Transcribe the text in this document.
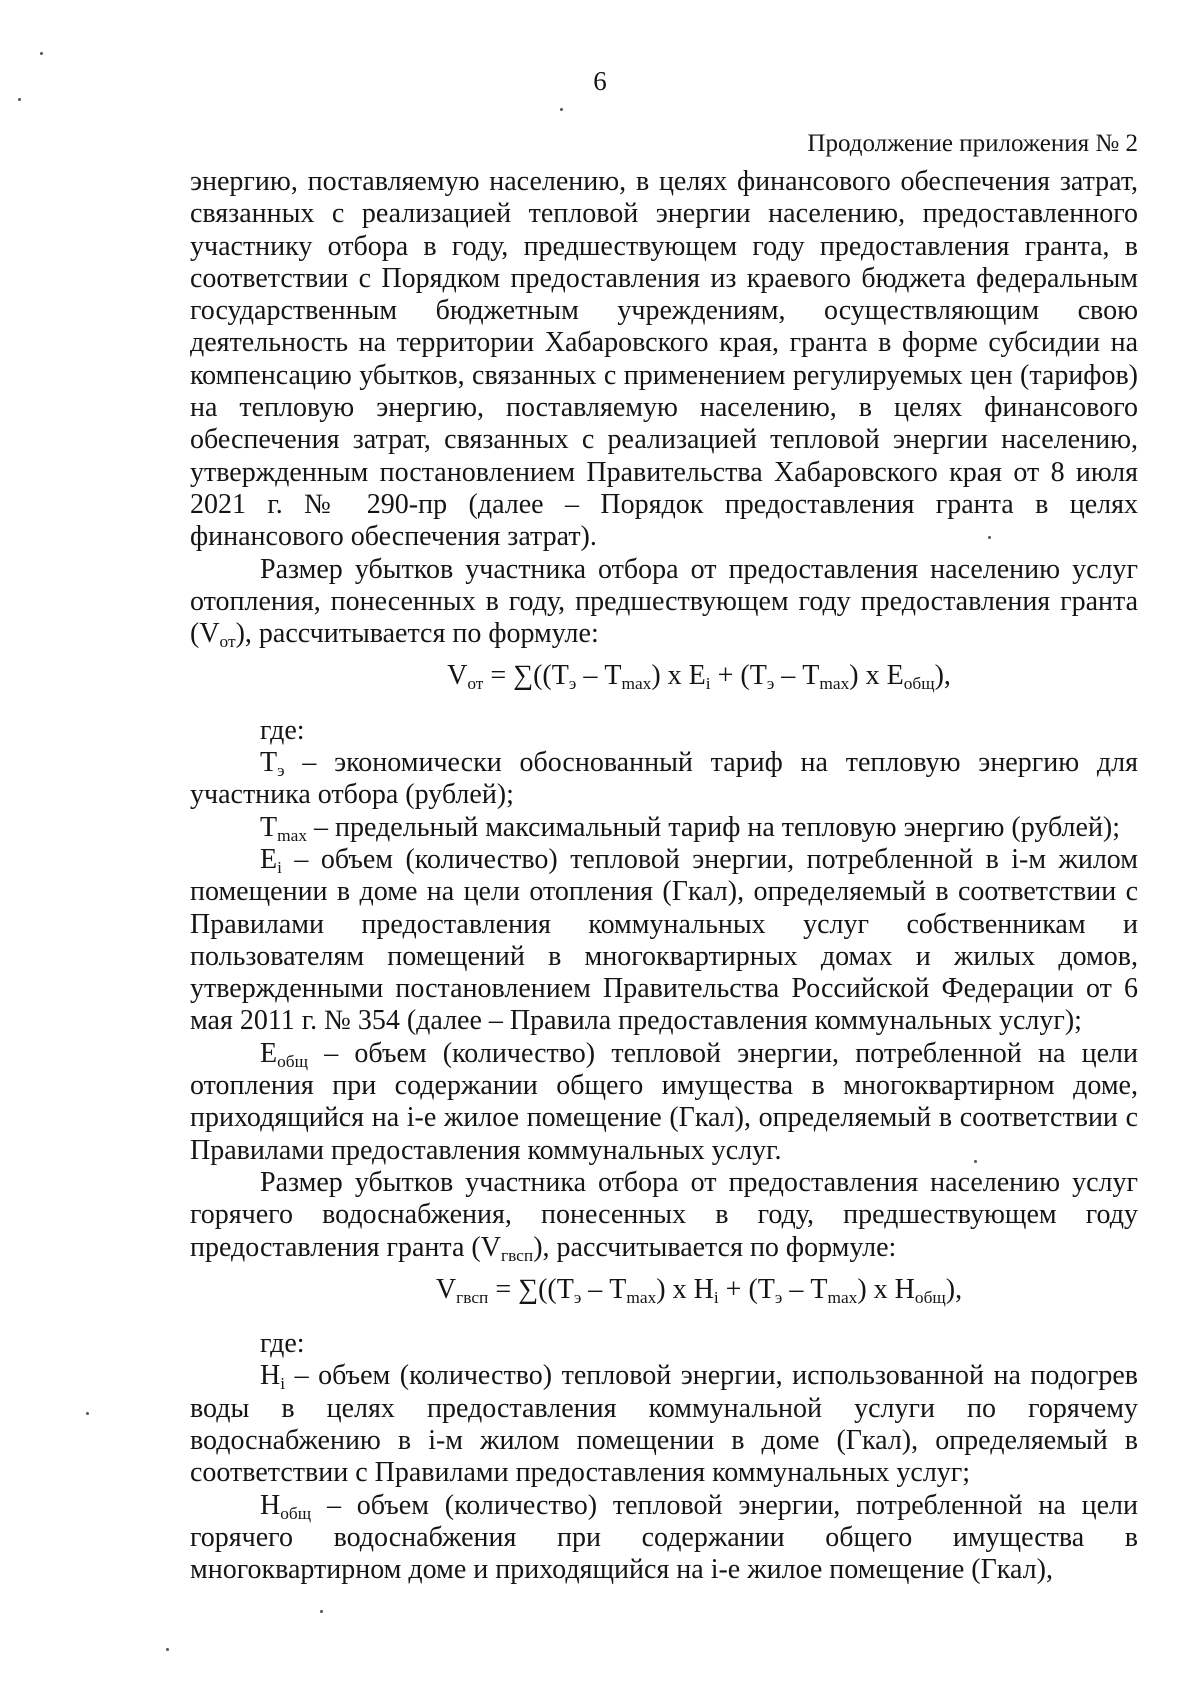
6
Продолжение приложения № 2

энергию, поставляемую населению, в целях финансового обеспечения затрат, связанных с реализацией тепловой энергии населению, предоставленного участнику отбора в году, предшествующем году предоставления гранта, в соответствии с Порядком предоставления из краевого бюджета федеральным государственным бюджетным учреждениям, осуществляющим свою деятельность на территории Хабаровского края, гранта в форме субсидии на компенсацию убытков, связанных с применением регулируемых цен (тарифов) на тепловую энергию, поставляемую населению, в целях финансового обеспечения затрат, связанных с реализацией тепловой энергии населению, утвержденным постановлением Правительства Хабаровского края от 8 июля 2021 г. № 290-пр (далее – Порядок предоставления гранта в целях финансового обеспечения затрат).

Размер убытков участника отбора от предоставления населению услуг отопления, понесенных в году, предшествующем году предоставления гранта $(V_{от})$, рассчитывается по формуле:

$V_{от} = \sum((Т_э - Т_{max})$ x $E_i + (Т_э - Т_{max})$ x $E_{общ}$),

где:

$Т_э$ – экономически обоснованный тариф на тепловую энергию для участника отбора (рублей);

$Т_{max}$ – предельный максимальный тариф на тепловую энергию (рублей);

$E_i$ – объем (количество) тепловой энергии, потребленной в i-м жилом помещении в доме на цели отопления (Гкал), определяемый в соответствии с Правилами предоставления коммунальных услуг собственникам и пользователям помещений в многоквартирных домах и жилых домов, утвержденными постановлением Правительства Российской Федерации от 6 мая 2011 г. № 354 (далее – Правила предоставления коммунальных услуг);

$E_{общ}$ – объем (количество) тепловой энергии, потребленной на цели отопления при содержании общего имущества в многоквартирном доме, приходящийся на i-е жилое помещение (Гкал), определяемый в соответствии с Правилами предоставления коммунальных услуг.

Размер убытков участника отбора от предоставления населению услуг горячего водоснабжения, понесенных в году, предшествующем году предоставления гранта $(V_{гвсп})$, рассчитывается по формуле:

$V_{гвсп} = \sum((Т_э - Т_{max})$ x $Н_i + (Т_э - Т_{max})$ x $Н_{общ}$),

где:

$Н_i$ – объем (количество) тепловой энергии, использованной на подогрев воды в целях предоставления коммунальной услуги по горячему водоснабжению в i-м жилом помещении в доме (Гкал), определяемый в соответствии с Правилами предоставления коммунальных услуг;

$Н_{общ}$ – объем (количество) тепловой энергии, потребленной на цели горячего водоснабжения при содержании общего имущества в многоквартирном доме и приходящийся на i-е жилое помещение (Гкал),
